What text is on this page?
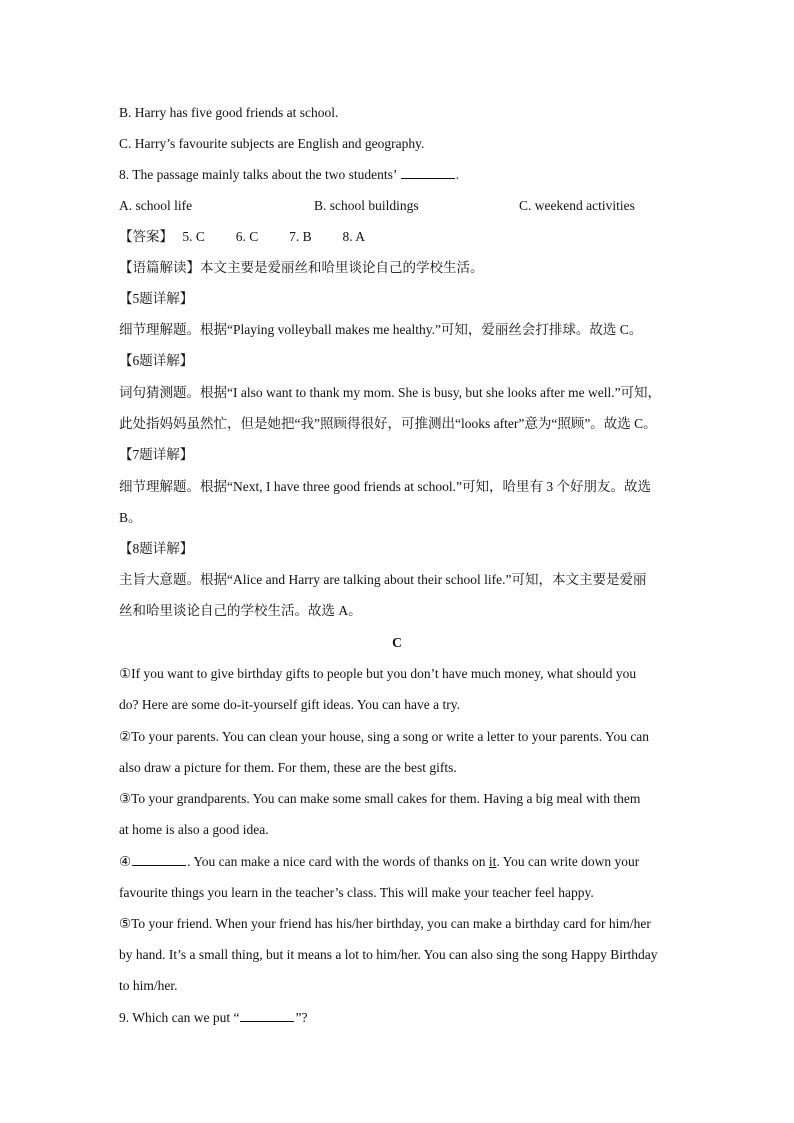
B. Harry has five good friends at school.
C. Harry’s favourite subjects are English and geography.
8. The passage mainly talks about the two students’	.
A. school life	B. school buildings	C. weekend activities
【答案】 5. C 6. C 7. B 8. A
【语篇解读】本文主要是爱丽丝和哈里谈论自己的学校生活。
【5题详解】
细节理解题。根据“Playing volleyball makes me healthy.”可知，爱丽丝会打排球。故选 C。
【6题详解】
词句猜测题。根据“I also want to thank my mom. She is busy, but she looks after me well.”可知，
此处指妈妈虽然忙，但是她把“我”照顾得很好，可推测出“looks after”意为“照顾”。故选 C。
【7题详解】
细节理解题。根据“Next, I have three good friends at school.”可知，哈里有 3 个好朋友。故选
B。
【8题详解】
主旨大意题。根据“Alice and Harry are talking about their school life.”可知，本文主要是爱丽
丝和哈里谈论自己的学校生活。故选 A。
C
①If you want to give birthday gifts to people but you don’t have much money, what should you
do? Here are some do-it-yourself gift ideas. You can have a try.
②To your parents. You can clean your house, sing a song or write a letter to your parents. You can
also draw a picture for them. For them, these are the best gifts.
③To your grandparents. You can make some small cakes for them. Having a big meal with them
at home is also a good idea.
④	. You can make a nice card with the words of thanks on it. You can write down your
favourite things you learn in the teacher’s class. This will make your teacher feel happy.
⑤To your friend. When your friend has his/her birthday, you can make a birthday card for him/her
by hand. It’s a small thing, but it means a lot to him/her. You can also sing the song Happy Birthday
to him/her.
9. Which can we put “	”?
